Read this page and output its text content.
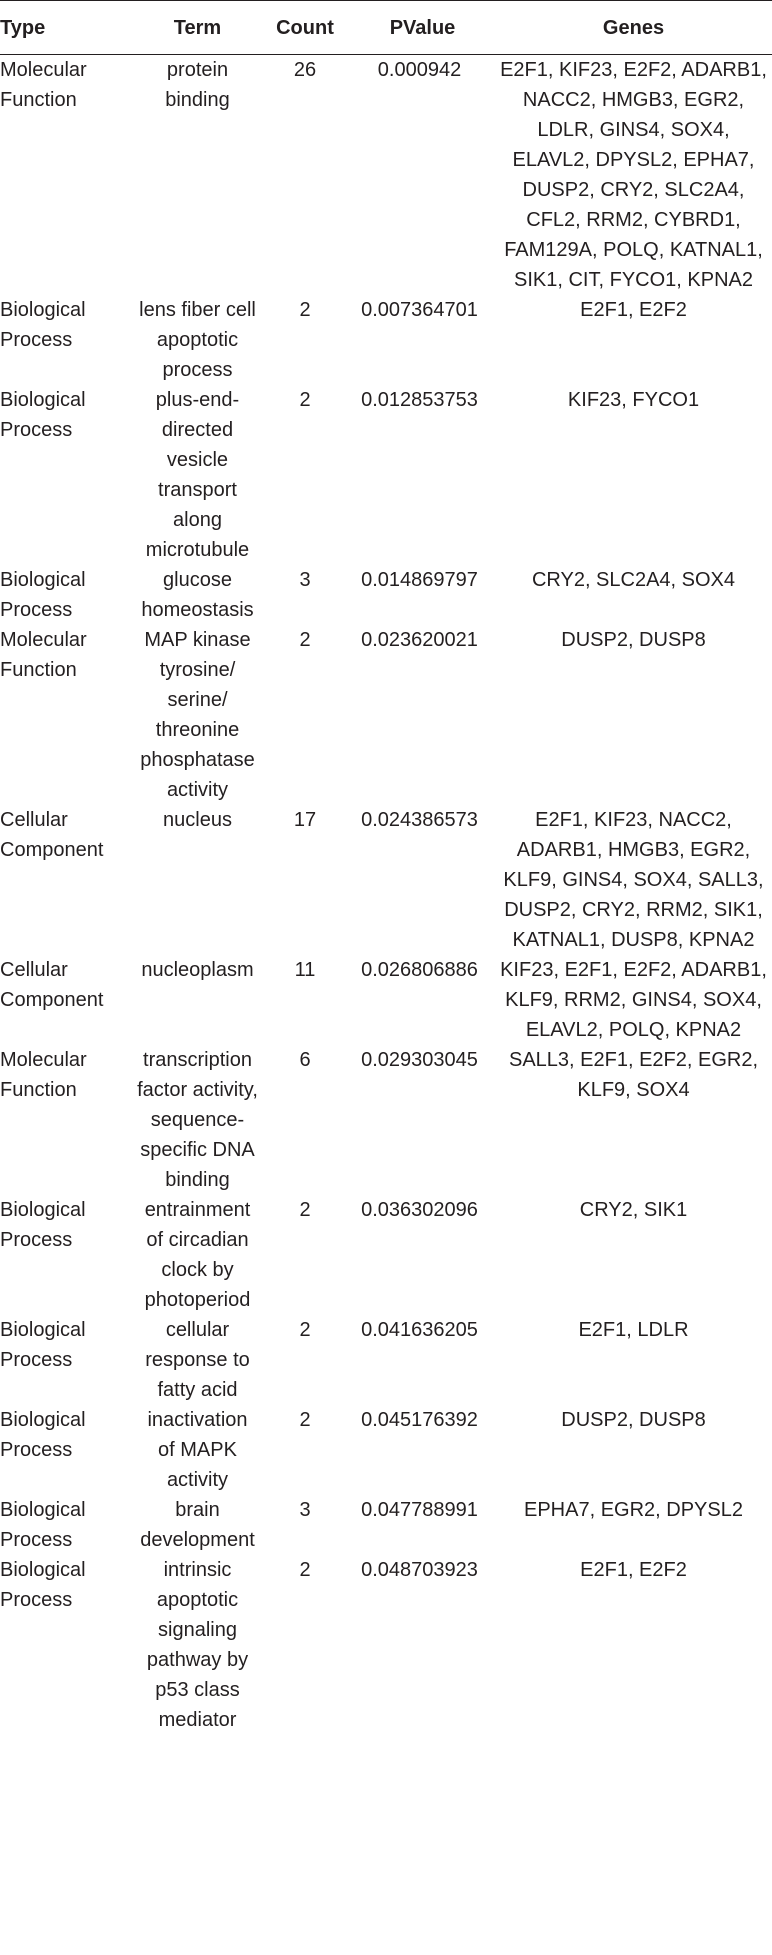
Type	Term	Count	PValue	Genes
Molecular Function	protein binding	26	0.000942	E2F1, KIF23, E2F2, ADARB1, NACC2, HMGB3, EGR2, LDLR, GINS4, SOX4, ELAVL2, DPYSL2, EPHA7, DUSP2, CRY2, SLC2A4, CFL2, RRM2, CYBRD1, FAM129A, POLQ, KATNAL1, SIK1, CIT, FYCO1, KPNA2
Biological Process	lens fiber cell apoptotic process	2	0.007364701	E2F1, E2F2
Biological Process	plus-end-directed vesicle transport along microtubule	2	0.012853753	KIF23, FYCO1
Biological Process	glucose homeostasis	3	0.014869797	CRY2, SLC2A4, SOX4
Molecular Function	MAP kinase tyrosine/ serine/ threonine phosphatase activity	2	0.023620021	DUSP2, DUSP8
Cellular Component	nucleus	17	0.024386573	E2F1, KIF23, NACC2, ADARB1, HMGB3, EGR2, KLF9, GINS4, SOX4, SALL3, DUSP2, CRY2, RRM2, SIK1, KATNAL1, DUSP8, KPNA2
Cellular Component	nucleoplasm	11	0.026806886	KIF23, E2F1, E2F2, ADARB1, KLF9, RRM2, GINS4, SOX4, ELAVL2, POLQ, KPNA2
Molecular Function	transcription factor activity, sequence-specific DNA binding	6	0.029303045	SALL3, E2F1, E2F2, EGR2, KLF9, SOX4
Biological Process	entrainment of circadian clock by photoperiod	2	0.036302096	CRY2, SIK1
Biological Process	cellular response to fatty acid	2	0.041636205	E2F1, LDLR
Biological Process	inactivation of MAPK activity	2	0.045176392	DUSP2, DUSP8
Biological Process	brain development	3	0.047788991	EPHA7, EGR2, DPYSL2
Biological Process	intrinsic apoptotic signaling pathway by p53 class mediator	2	0.048703923	E2F1, E2F2
